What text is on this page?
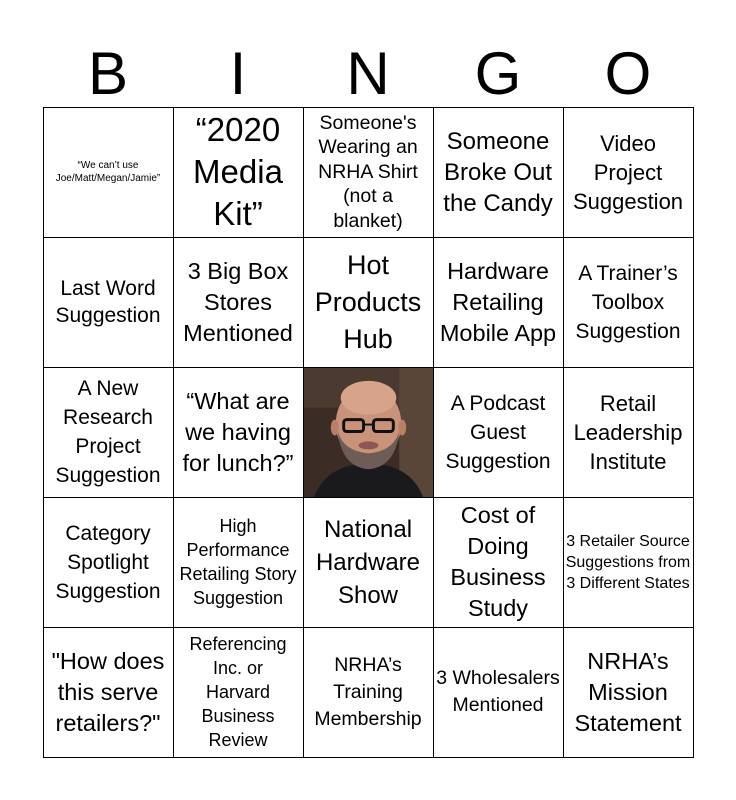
B	I	N	G	O
“We can’t use Joe/Matt/Megan/Jamie”
“2020 Media Kit”
Someone's Wearing an NRHA Shirt (not a blanket)
Someone Broke Out the Candy
Video Project Suggestion
Last Word Suggestion
3 Big Box Stores Mentioned
Hot Products Hub
Hardware Retailing Mobile App
A Trainer’s Toolbox Suggestion
A New Research Project Suggestion
“What are we having for lunch?”
A Podcast Guest Suggestion
Retail Leadership Institute
Category Spotlight Suggestion
High Performance Retailing Story Suggestion
National Hardware Show
Cost of Doing Business Study
3 Retailer Source Suggestions from 3 Different States
"How does this serve retailers?"
Referencing Inc. or Harvard Business Review
NRHA’s Training Membership
3 Wholesalers Mentioned
NRHA’s Mission Statement
